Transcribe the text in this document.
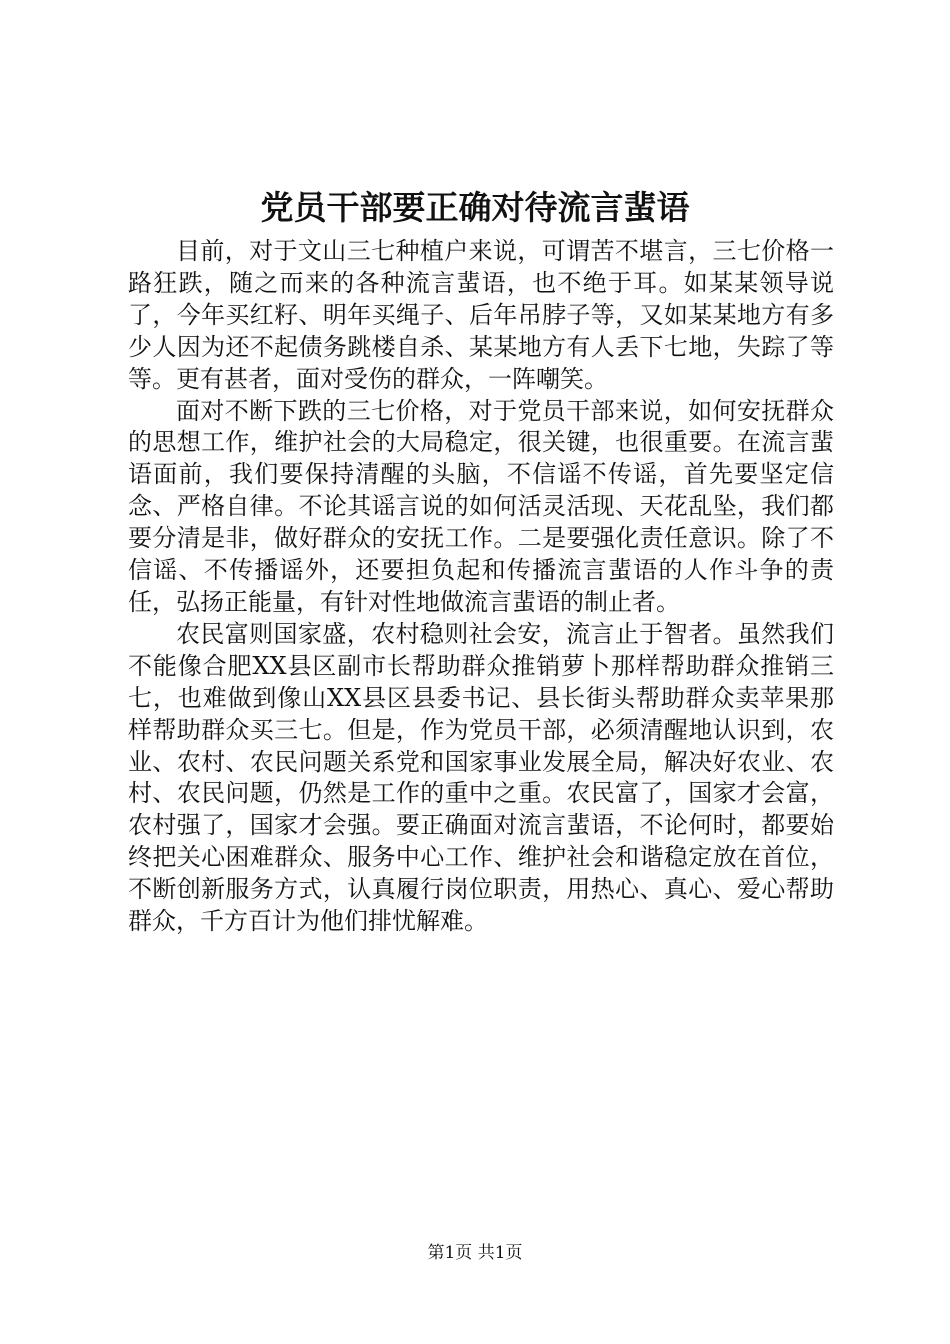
党员干部要正确对待流言蜚语

目前，对于文山三七种植户来说，可谓苦不堪言，三七价格一路狂跌，随之而来的各种流言蜚语，也不绝于耳。如某某领导说了，今年买红籽、明年买绳子、后年吊脖子等，又如某某地方有多少人因为还不起债务跳楼自杀、某某地方有人丢下七地，失踪了等等。更有甚者，面对受伤的群众，一阵嘲笑。

面对不断下跌的三七价格，对于党员干部来说，如何安抚群众的思想工作，维护社会的大局稳定，很关键，也很重要。在流言蜚语面前，我们要保持清醒的头脑，不信谣不传谣，首先要坚定信念、严格自律。不论其谣言说的如何活灵活现、天花乱坠，我们都要分清是非，做好群众的安抚工作。二是要强化责任意识。除了不信谣、不传播谣外，还要担负起和传播流言蜚语的人作斗争的责任，弘扬正能量，有针对性地做流言蜚语的制止者。

农民富则国家盛，农村稳则社会安，流言止于智者。虽然我们不能像合肥XX县区副市长帮助群众推销萝卜那样帮助群众推销三七，也难做到像山XX县区县委书记、县长街头帮助群众卖苹果那样帮助群众买三七。但是，作为党员干部，必须清醒地认识到，农业、农村、农民问题关系党和国家事业发展全局，解决好农业、农村、农民问题，仍然是工作的重中之重。农民富了，国家才会富，农村强了，国家才会强。要正确面对流言蜚语，不论何时，都要始终把关心困难群众、服务中心工作、维护社会和谐稳定放在首位，不断创新服务方式，认真履行岗位职责，用热心、真心、爱心帮助群众，千方百计为他们排忧解难。

第1页 共1页
